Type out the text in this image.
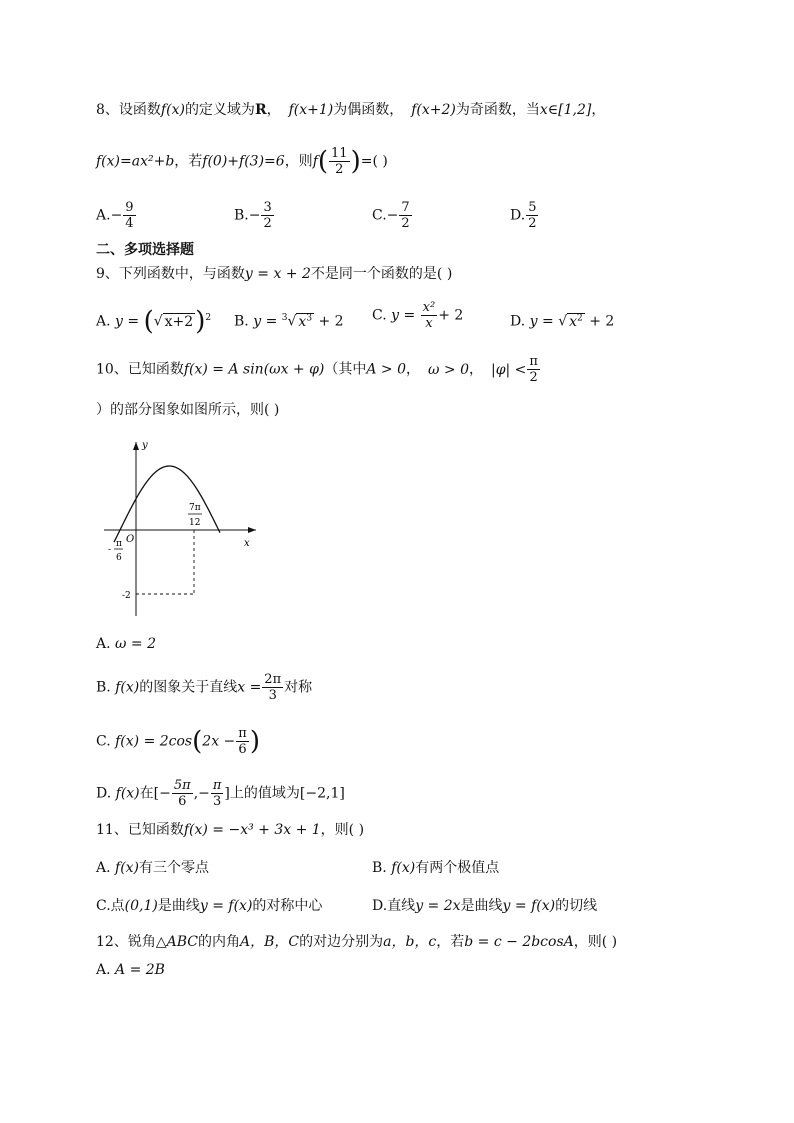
8、设函数f(x)的定义域为R， f(x+1)为偶函数， f(x+2)为奇函数，当x∈[1,2]，
f(x)=ax²+b，若f(0)+f(3)=6，则$f( \frac{11}{2}$ )=( )
$A.- \frac{9}{4}$	$B.- \frac{3}{2}$	$C.- \frac{7}{2}$	D. $\frac{5}{2}$
二、多项选择题
9、下列函数中，与函数y = x + 2不是同一个函数的是( )
A. y = (√ x+2)$^2$ B. y = $^3$√ $x^3 + 2$ C. $y = \frac{\text{x²}}{x} + 2$	D. y = √ $x^2 + 2$
10、已知函数f(x) = A sin(ωx + φ)（其中A > 0， ω > 0， $|\varphi| < \frac{\pi}{2}$
）的部分图象如图所示，则( )
y
x
O
π
6
-
7π
12
-2
A. ω = 2
B. f(x)的图象关于直线$x = \frac{2\pi}{3}$ 对称
C. $f(x) = 2\cos(2x - \frac{\pi}{6}$ )
D. f(x)在[− $\frac{5\pi}{6}$ ,− $\frac{\pi}{3}$ ]上的值域为[−2,1]
11、已知函数f(x) = −x³ + 3x + 1，则( )
A. f(x)有三个零点	B. f(x)有两个极值点
C.点(0,1)是曲线y = f(x)的对称中心	D.直线y = 2x是曲线y = f(x)的切线
12、锐角△ABC的内角A，B，C的对边分别为a，b，c，若b = c − 2bcosA，则( )
A. A = 2B
